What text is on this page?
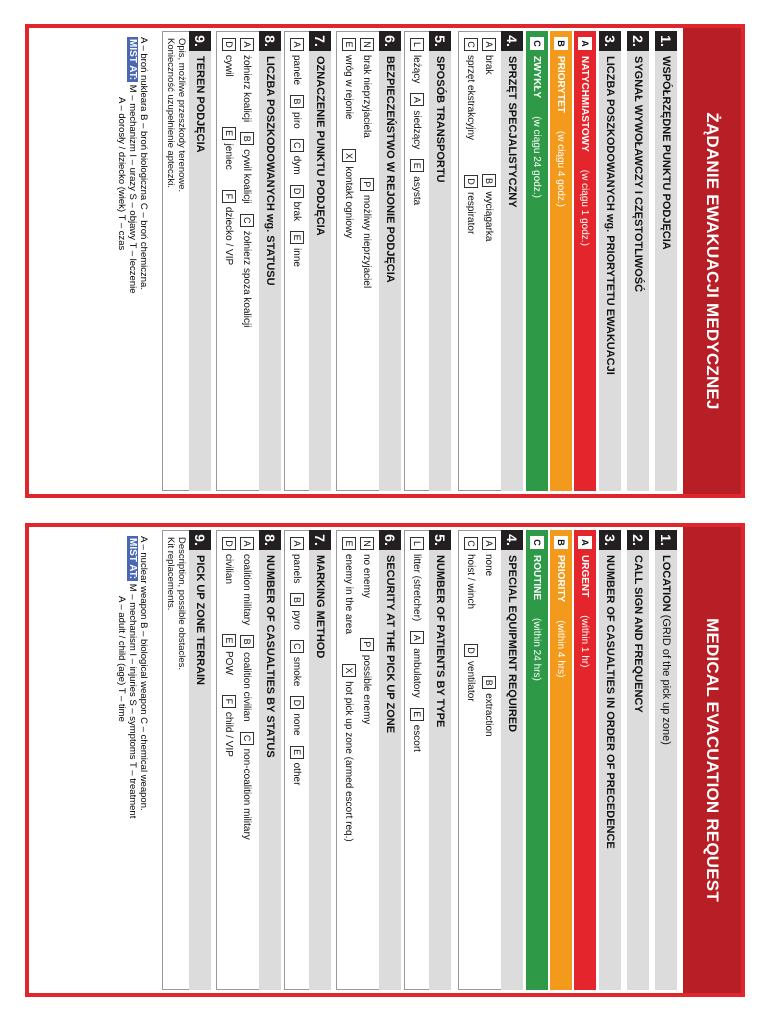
ŻĄDANIE EWAKUACJI MEDYCZNEJ
1.
WSPÓŁRZĘDNE PUNKTU PODJĘCIA

2.
SYGNAŁ WYWOŁAWCZY I CZĘSTOTLIWOŚĆ
3.
LICZBA POSZKODOWANYCH wg. PRIORYTETU EWAKUACJI
A
NATYCHMIASTOWY
(w ciągu 1 godz.)
B
PRIORYTET
(w ciągu 4 godz.)
C
ZWYKŁY
(w ciągu 24 godz.)
4.
SPRZĘT SPECJALISTYCZNY
A
brak
B
wyciągarka
C
sprzęt ekstrakcyjny
D
respirator
5.
SPOSÓB TRANSPORTU
L
leżący
A
siedzący
E
asysta
6.
BEZPIECZEŃSTWO W REJONIE PODJĘCIA
N
brak nieprzyjaciela
P
możliwy nieprzyjaciel
E
wróg w rejonie
X
kontakt ogniowy
7.
OZNACZENIE PUNKTU PODJĘCIA
A
panele
B
piro
C
dym
D
brak
E
inne
8.
LICZBA POSZKODOWANYCH wg. STATUSU
A
żołnierz koalicji
B
cywil koalicji
C
żołnierz spoza koalicji
D
cywil
E
jeniec
F
dziecko / VIP
9.
TEREN PODJĘCIA
Opis, możliwe przeszkody terenowe.
Konieczność uzupełnienie apteczki.
A – broń nukleara B – broń biologiczna C – broń chemiczna.
MIST AT: M – mechanizm I – urazy S – objawy T – leczenie
A – dorosły / dziecko (wiek) T – czas
MEDICAL EVACUATION REQUEST
1.
LOCATION

(GRID of the pick up zone)
2.
CALL SIGN AND FREQUENCY
3.
NUMBER OF CASUALTIES IN ORDER OF PRECEDENCE
A
URGENT
(within 1 hr)
B
PRIORITY
(within 4 hrs)
C
ROUTINE
(within 24 hrs)
4.
SPECIAL EQUIPMENT REQUIRED
A
none
B
extraction
C
hoist / winch
D
ventilator
5.
NUMBER OF PATIENTS BY TYPE
L
litter (stretcher)
A
ambulatory
E
escort
6.
SECURITY AT THE PICK UP ZONE
N
no enemy
P
possible enemy
E
enemy in the area
X
hot pick up zone (armed escort req.)
7.
MARKING METHOD
A
panels
B
pyro
C
smoke
D
none
E
other
8.
NUMBER OF CASUALTIES BY STATUS
A
coalition military
B
coalition civilian
C
non-coalition military
D
civilian
E
POW
F
child / VIP
9.
PICK UP ZONE TERRAIN
Description, possible obstacles.
Kit replacements.
A – nuclear weapon B – biological weapon C – chemical weapon.
MIST AT: M – mechanism I – injuries S – symptoms T – treatment
A – adult / child (age) T – time
